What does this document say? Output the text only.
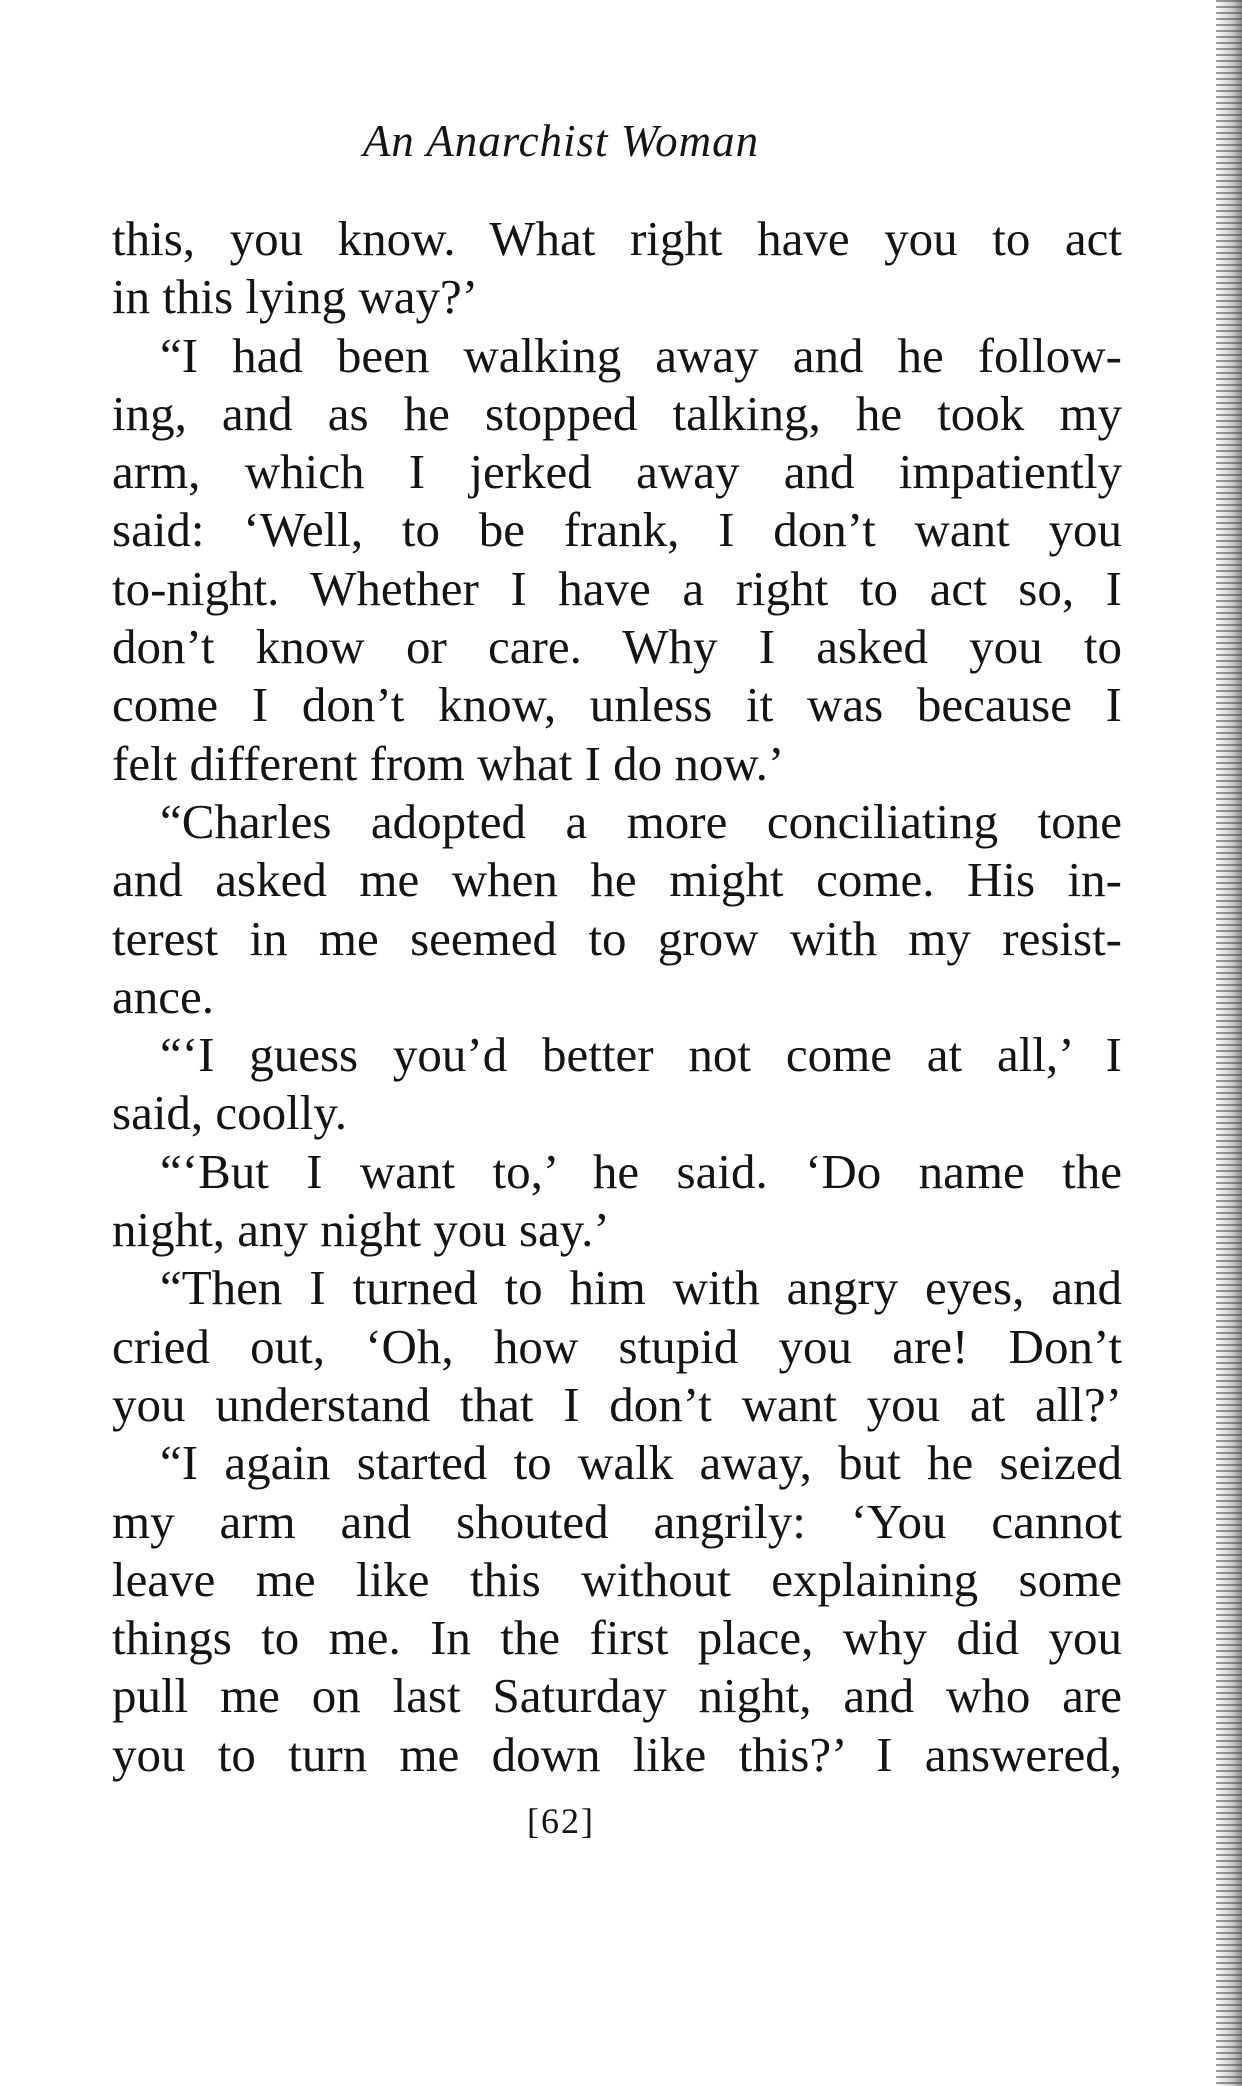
An Anarchist Woman
this, you know. What right have you to act
in this lying way?’
“I had been walking away and he follow-
ing, and as he stopped talking, he took my
arm, which I jerked away and impatiently
said: ‘Well, to be frank, I don’t want you
to-night. Whether I have a right to act so, I
don’t know or care. Why I asked you to
come I don’t know, unless it was because I
felt different from what I do now.’
“Charles adopted a more conciliating tone
and asked me when he might come. His in-
terest in me seemed to grow with my resist-
ance.
“‘I guess you’d better not come at all,’ I
said, coolly.
“‘But I want to,’ he said. ‘Do name the
night, any night you say.’
“Then I turned to him with angry eyes, and
cried out, ‘Oh, how stupid you are! Don’t
you understand that I don’t want you at all?’
“I again started to walk away, but he seized
my arm and shouted angrily: ‘You cannot
leave me like this without explaining some
things to me. In the first place, why did you
pull me on last Saturday night, and who are
you to turn me down like this?’ I answered,
[62]
